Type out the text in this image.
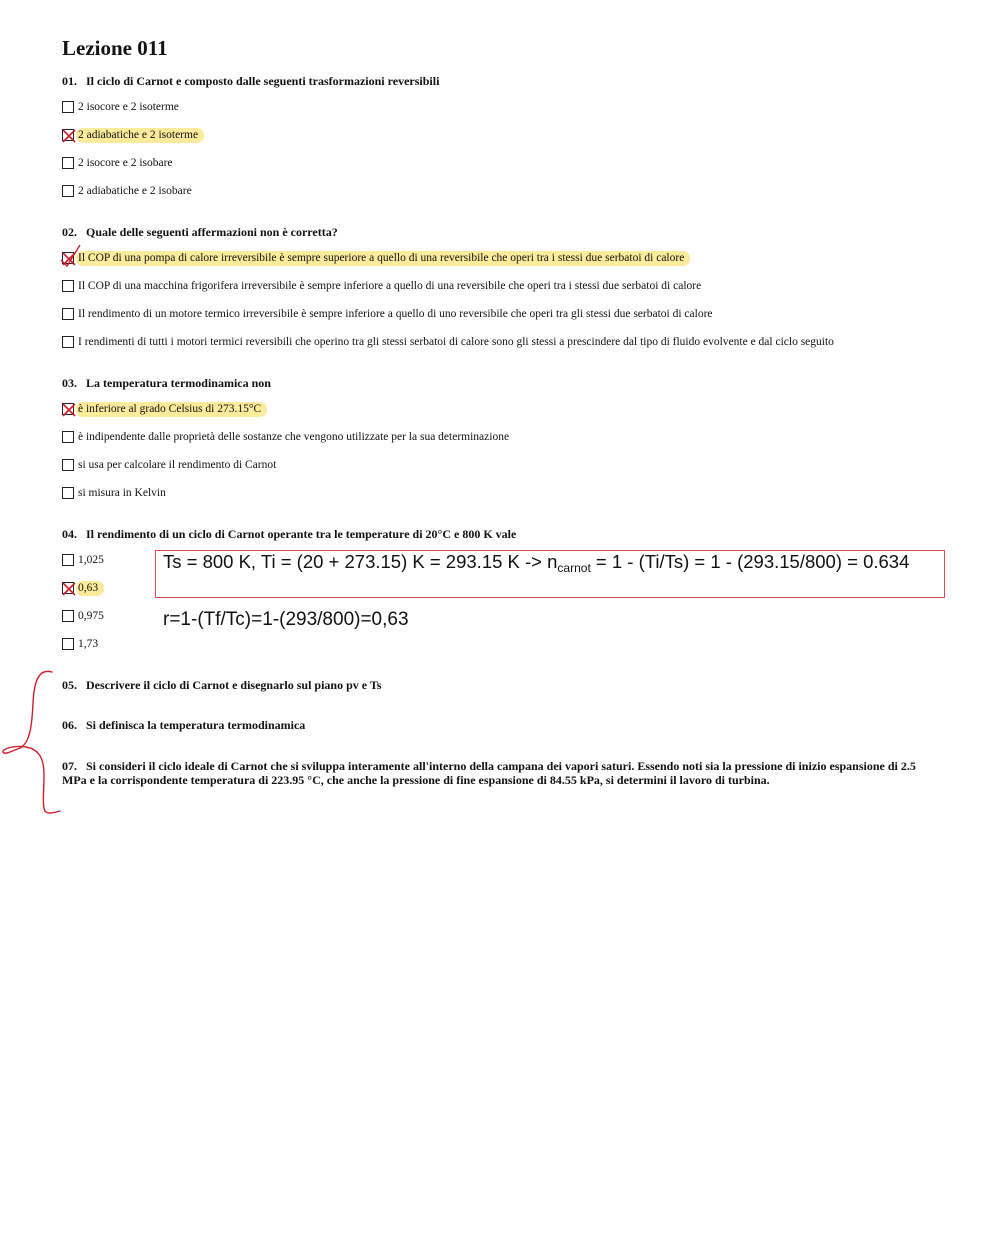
Lezione 011
01. Il ciclo di Carnot e composto dalle seguenti trasformazioni reversibili
2 isocore e 2 isoterme
2 adiabatiche e 2 isoterme
2 isocore e 2 isobare
2 adiabatiche e 2 isobare
02. Quale delle seguenti affermazioni non è corretta?
Il COP di una pompa di calore irreversibile è sempre superiore a quello di una reversibile che operi tra i stessi due serbatoi di calore
Il COP di una macchina frigorifera irreversibile è sempre inferiore a quello di una reversibile che operi tra i stessi due serbatoi di calore
Il rendimento di un motore termico irreversibile è sempre inferiore a quello di uno reversibile che operi tra gli stessi due serbatoi di calore
I rendimenti di tutti i motori termici reversibili che operino tra gli stessi serbatoi di calore sono gli stessi a prescindere dal tipo di fluido evolvente e dal ciclo seguito
03. La temperatura termodinamica non
è inferiore al grado Celsius di 273.15°C
è indipendente dalle proprietà delle sostanze che vengono utilizzate per la sua determinazione
si usa per calcolare il rendimento di Carnot
si misura in Kelvin
04. Il rendimento di un ciclo di Carnot operante tra le temperature di 20°C e 800 K vale
1,025
0,63
0,975
1,73
Ts = 800 K, Ti = (20 + 273.15) K = 293.15 $K -> n_{carnot} = 1 - (Ti/Ts) = 1 - (293.15/800) = 0.634$
r=1-(Tf/Tc)=1-(293/800)=0,63
05. Descrivere il ciclo di Carnot e disegnarlo sul piano pv e Ts
06. Si definisca la temperatura termodinamica
07. Si consideri il ciclo ideale di Carnot che si sviluppa interamente all'interno della campana dei vapori saturi. Essendo noti sia la pressione di inizio espansione di 2.5 MPa e la corrispondente temperatura di 223.95 °C, che anche la pressione di fine espansione di 84.55 kPa, si determini il lavoro di turbina.
